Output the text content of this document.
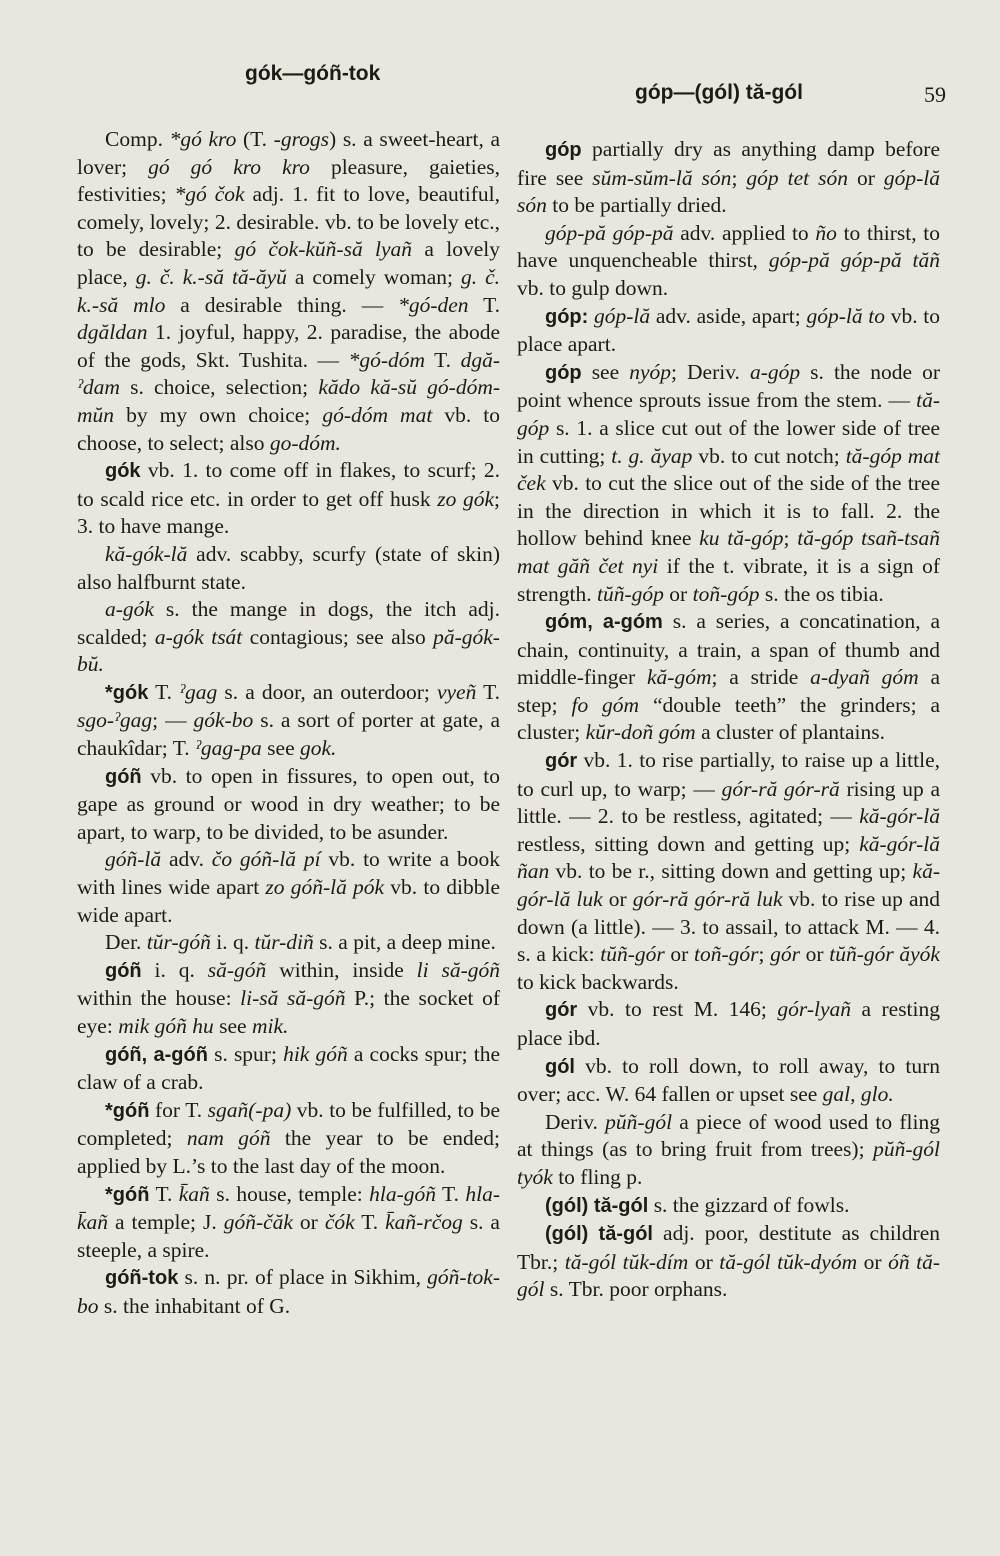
gók—góñ-tok
góp—(gól) tă-gól	59

Comp. *gó kro (T. -grogs) s. a sweet-heart, a lover; gó gó kro kro pleasure, gaieties, festivities; *gó čok adj. 1. fit to love, beautiful, comely, lovely; 2. desirable. vb. to be lovely etc., to be desirable; gó čok-kŭñ-să lyañ a lovely place, g. č. k.-să tă-ăyŭ a comely woman; g. č. k.-să mlo a desirable thing. — *gó-den T. dgăldan 1. joyful, happy, 2. paradise, the abode of the gods, Skt. Tushita. — *gó-dóm T. dgă-ˀdam s. choice, selection; kădo kă-sŭ gó-dóm-mŭn by my own choice; gó-dóm mat vb. to choose, to select; also go-dóm.

gók vb. 1. to come off in flakes, to scurf; 2. to scald rice etc. in order to get off husk zo gók; 3. to have mange.

kă-gók-lă adv. scabby, scurfy (state of skin) also halfburnt state.

a-gók s. the mange in dogs, the itch adj. scalded; a-gók tsát contagious; see also pă-gók-bŭ.

*gók T. ˀgag s. a door, an outerdoor; vyeñ T. sgo-ˀgag; — gók-bo s. a sort of porter at gate, a chaukîdar; T. ˀgag-pa see gok.

góñ vb. to open in fissures, to open out, to gape as ground or wood in dry weather; to be apart, to warp, to be divided, to be asunder.

góñ-lă adv. čo góñ-lă pí vb. to write a book with lines wide apart zo góñ-lă pók vb. to dibble wide apart.

Der. tŭr-góñ i. q. tŭr-diñ s. a pit, a deep mine.

góñ i. q. să-góñ within, inside li să-góñ within the house: li-să să-góñ P.; the socket of eye: mik góñ hu see mik.

góñ, a-góñ s. spur; hik góñ a cocks spur; the claw of a crab.

*góñ for T. sgañ(-pa) vb. to be fulfilled, to be completed; nam góñ the year to be ended; applied by L.’s to the last day of the moon.

*góñ T. k̄añ s. house, temple: hla-góñ T. hla-k̄añ a temple; J. góñ-čăk or čók T. k̄añ-rčog s. a steeple, a spire.

góñ-tok s. n. pr. of place in Sikhim, góñ-tok-bo s. the inhabitant of G.

góp partially dry as anything damp before fire see sŭm-sŭm-lă són; góp tet són or góp-lă són to be partially dried.

góp-pă góp-pă adv. applied to ño to thirst, to have unquencheable thirst, góp-pă góp-pă tăñ vb. to gulp down.

góp: góp-lă adv. aside, apart; góp-lă to vb. to place apart.

góp see nyóp; Deriv. a-góp s. the node or point whence sprouts issue from the stem. — tă-góp s. 1. a slice cut out of the lower side of tree in cutting; t. g. ăyap vb. to cut notch; tă-góp mat ček vb. to cut the slice out of the side of the tree in the direction in which it is to fall. 2. the hollow behind knee ku tă-góp; tă-góp tsañ-tsañ mat găñ čet nyi if the t. vibrate, it is a sign of strength. tŭñ-góp or toñ-góp s. the os tibia.

góm, a-góm s. a series, a concatination, a chain, continuity, a train, a span of thumb and middle-finger kă-góm; a stride a-dyañ góm a step; fo góm “double teeth” the grinders; a cluster; kŭr-doñ góm a cluster of plantains.

gór vb. 1. to rise partially, to raise up a little, to curl up, to warp; — gór-ră gór-ră rising up a little. — 2. to be restless, agitated; — kă-gór-lă restless, sitting down and getting up; kă-gór-lă ñan vb. to be r., sitting down and getting up; kă-gór-lă luk or gór-ră gór-ră luk vb. to rise up and down (a little). — 3. to assail, to attack M. — 4. s. a kick: tŭñ-gór or toñ-gór; gór or tŭñ-gór ăyók to kick backwards.

gór vb. to rest M. 146; gór-lyañ a resting place ibd.

gól vb. to roll down, to roll away, to turn over; acc. W. 64 fallen or upset see gal, glo.

Deriv. pŭñ-gól a piece of wood used to fling at things (as to bring fruit from trees); pŭñ-gól tyók to fling p.

(gól) tă-gól s. the gizzard of fowls.

(gól) tă-gól adj. poor, destitute as children Tbr.; tă-gól tŭk-dím or tă-gól tŭk-dyóm or óñ tă-gól s. Tbr. poor orphans.
